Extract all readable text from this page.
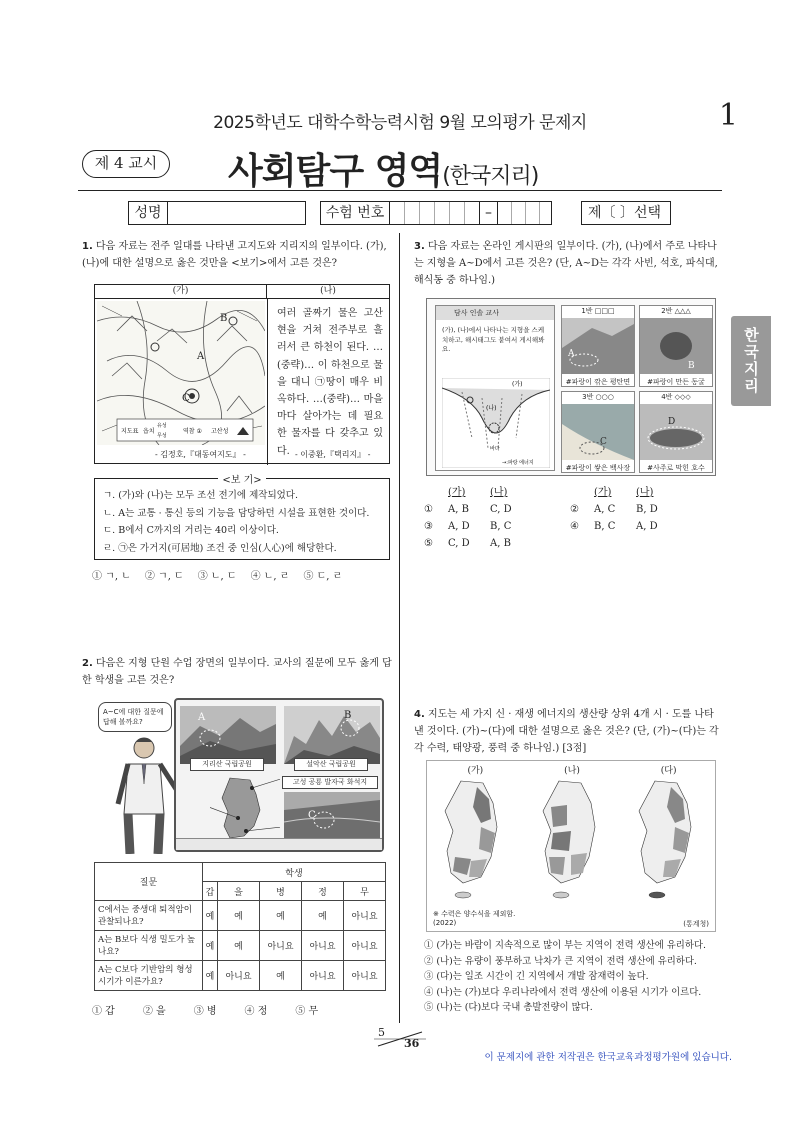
2025학년도 대학수학능력시험 9월 모의평가 문제지	1
제 4 교시	사회탐구 영역(한국지리)
성명	수험 번호	–	제〔 〕선택
한국지리
1. 다음 자료는 전주 일대를 나타낸 고지도와 지리지의 일부이다. (가), (나)에 대한 설명으로 옳은 것만을 <보기>에서 고른 것은?
(가)	(나)
B
A
C
지도표 읍치
유성
무성
역참 ① 고산성
여러 골짜기 물은 고산현을 거쳐 전주부로 흘러서 큰 하천이 된다. …(중략)… 이 하천으로 물을 대니 ㉠땅이 매우 비옥하다. …(중략)… 마을마다 살아가는 데 필요한 물자를 다 갖추고 있다.
- 김정호,『대동여지도』 -	- 이중환,『택리지』 -
<보 기>
ㄱ. (가)와 (나)는 모두 조선 전기에 제작되었다.
ㄴ. A는 교통 · 통신 등의 기능을 담당하던 시설을 표현한 것이다.
ㄷ. B에서 C까지의 거리는 40리 이상이다.
ㄹ. ㉠은 가거지(可居地) 조건 중 인심(人心)에 해당한다.
① ㄱ, ㄴ ② ㄱ, ㄷ ③ ㄴ, ㄷ ④ ㄴ, ㄹ ⑤ ㄷ, ㄹ
2. 다음은 지형 단원 수업 장면의 일부이다. 교사의 질문에 모두 옳게 답한 학생을 고른 것은?
A~C에 대한 질문에 답해 볼까요?	A	B
지리산 국립공원	설악산 국립공원
고성 공룡 발자국 화석지
C
질문	학생				
	갑	을	병	정	무
C에서는 중생대 퇴적암이 관찰되나요?	예	예	예	예	아니요
A는 B보다 식생 밀도가 높나요?	예	예	아니요	아니요	아니요
A는 C보다 기반암의 형성 시기가 이른가요?	예	아니요	예	아니요	아니요
① 갑	② 을	③ 병	④ 정	⑤ 무
3. 다음 자료는 온라인 게시판의 일부이다. (가), (나)에서 주로 나타나는 지형을 A~D에서 고른 것은? (단, A~D는 각각 사빈, 석호, 파식대, 해식동 중 하나임.)
담사 인솔 교사
(가), (나)에서 나타나는 지형을 스케치하고, 해시태그도 붙여서 게시해봐요.
(가)
(나)
바다
→:파랑 에너지
1반 □□□
A
#파랑이 깎은 평탄면
2반 △△△
B
#파랑이 만든 동굴
3반 ○○○
C
#파랑이 쌓은 백사장
4반 ◇◇◇
D
#사주로 막힌 호수
(가)	(나)	(가)	(나)
①	A, B	C, D	②	A, C	B, D
③	A, D	B, C	④	B, C	A, D
⑤	C, D	A, B
4. 지도는 세 가지 신 · 재생 에너지의 생산량 상위 4개 시 · 도를 나타낸 것이다. (가)~(다)에 대한 설명으로 옳은 것은? (단, (가)~(다)는 각각 수력, 태양광, 풍력 중 하나임.) [3점]
(가)	(나)	(다)
※ 수력은 양수식을 제외함.
(2022)	(통계청)
① (가)는 바람이 지속적으로 많이 부는 지역이 전력 생산에 유리하다.
② (나)는 유량이 풍부하고 낙차가 큰 지역이 전력 생산에 유리하다.
③ (다)는 일조 시간이 긴 지역에서 개발 잠재력이 높다.
④ (나)는 (가)보다 우리나라에서 전력 생산에 이용된 시기가 이르다.
⑤ (나)는 (다)보다 국내 총발전량이 많다.
5
36
이 문제지에 관한 저작권은 한국교육과정평가원에 있습니다.
